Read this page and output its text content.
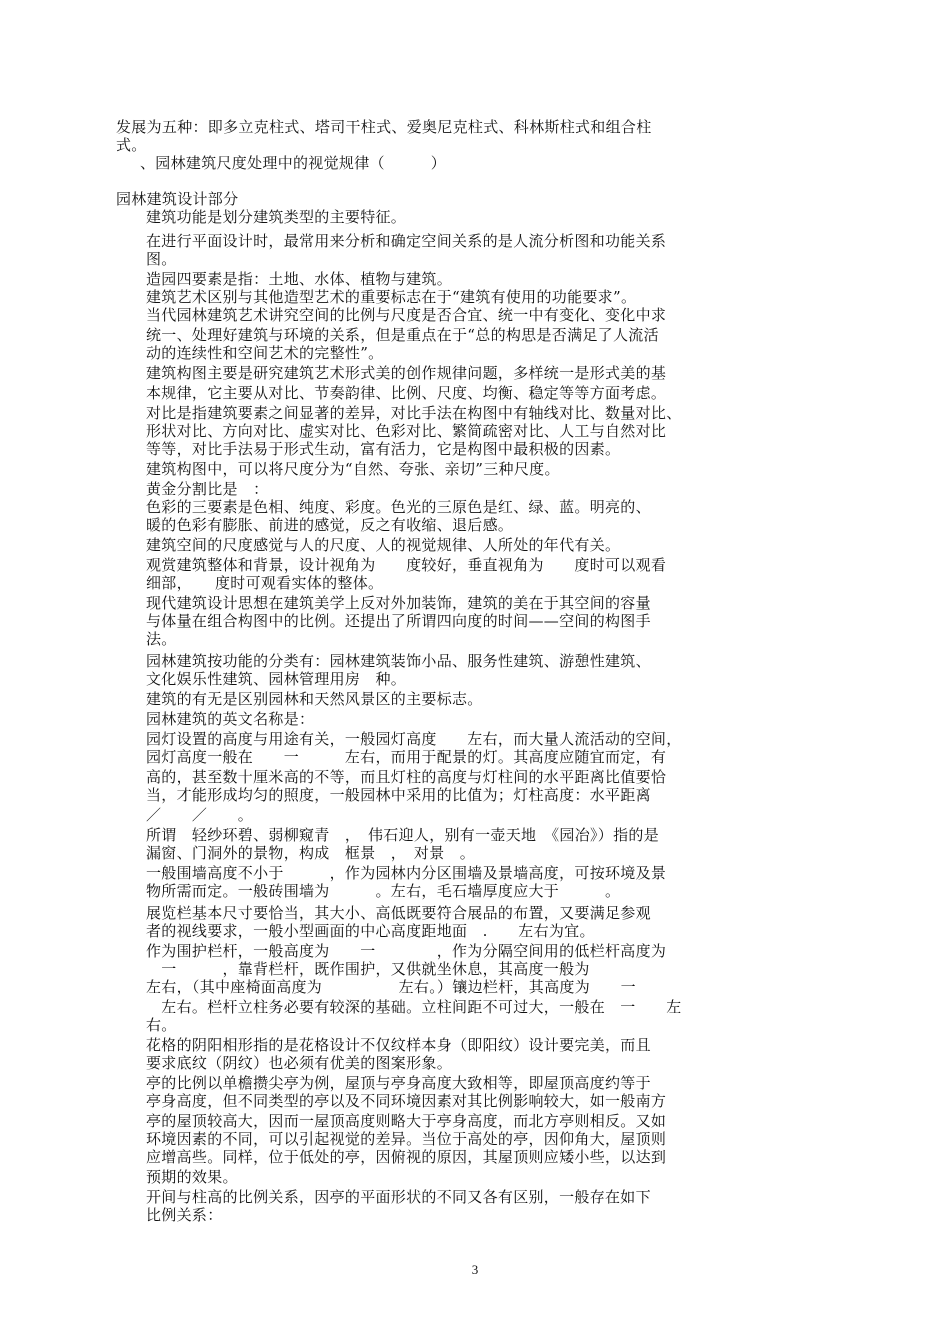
发展为五种：即多立克柱式、塔司干柱式、爱奥尼克柱式、科林斯柱式和组合柱
式。
、园林建筑尺度处理中的视觉规律（　　　）
园林建筑设计部分
建筑功能是划分建筑类型的主要特征。
在进行平面设计时，最常用来分析和确定空间关系的是人流分析图和功能关系
图。
造园四要素是指：土地、水体、植物与建筑。
建筑艺术区别与其他造型艺术的重要标志在于“建筑有使用的功能要求”。
当代园林建筑艺术讲究空间的比例与尺度是否合宜、统一中有变化、变化中求
统一、处理好建筑与环境的关系，但是重点在于“总的构思是否满足了人流活
动的连续性和空间艺术的完整性”。
建筑构图主要是研究建筑艺术形式美的创作规律问题，多样统一是形式美的基
本规律，它主要从对比、节奏韵律、比例、尺度、均衡、稳定等等方面考虑。
对比是指建筑要素之间显著的差异，对比手法在构图中有轴线对比、数量对比、
形状对比、方向对比、虚实对比、色彩对比、繁简疏密对比、人工与自然对比
等等，对比手法易于形式生动，富有活力，它是构图中最积极的因素。
建筑构图中，可以将尺度分为“自然、夸张、亲切”三种尺度。
黄金分割比是　：
色彩的三要素是色相、纯度、彩度。色光的三原色是红、绿、蓝。明亮的、
暖的色彩有膨胀、前进的感觉，反之有收缩、退后感。
建筑空间的尺度感觉与人的尺度、人的视觉规律、人所处的年代有关。
观赏建筑整体和背景，设计视角为　　度较好，垂直视角为　　度时可以观看
细部，　　度时可观看实体的整体。
现代建筑设计思想在建筑美学上反对外加装饰，建筑的美在于其空间的容量
与体量在组合构图中的比例。还提出了所谓四向度的时间——空间的构图手
法。
园林建筑按功能的分类有：园林建筑装饰小品、服务性建筑、游憩性建筑、
文化娱乐性建筑、园林管理用房　种。
建筑的有无是区别园林和天然风景区的主要标志。
园林建筑的英文名称是：
园灯设置的高度与用途有关，一般园灯高度　　左右，而大量人流活动的空间，
园灯高度一般在　　一　　　左右，而用于配景的灯。其高度应随宜而定，有
高的，甚至数十厘米高的不等，而且灯柱的高度与灯柱间的水平距离比值要恰
当，才能形成均匀的照度，一般园林中采用的比值为；灯柱高度：水平距离
／　　／　　。
所谓　轻纱环碧、弱柳窥青　，　伟石迎人，别有一壶天地　《园冶》）指的是
漏窗、门洞外的景物，构成　框景　，　对景　。
一般围墙高度不小于　　　，作为园林内分区围墙及景墙高度，可按环境及景
物所需而定。一般砖围墙为　　　。左右，毛石墙厚度应大于　　　。
展览栏基本尺寸要恰当，其大小、高低既要符合展品的布置，又要满足参观
者的视线要求，一般小型画面的中心高度距地面　.　　左右为宜。
作为围护栏杆，一般高度为　　一　　　　，作为分隔空间用的低栏杆高度为
　一　　　，靠背栏杆，既作围护，又供就坐休息，其高度一般为
左右，（其中座椅面高度为　　　　　左右。）镶边栏杆，其高度为　　一
　左右。栏杆立柱务必要有较深的基础。立柱间距不可过大，一般在　一　　左
右。
花格的阴阳相形指的是花格设计不仅纹样本身（即阳纹）设计要完美，而且
要求底纹（阴纹）也必须有优美的图案形象。
亭的比例以单檐攒尖亭为例，屋顶与亭身高度大致相等，即屋顶高度约等于
亭身高度，但不同类型的亭以及不同环境因素对其比例影响较大，如一般南方
亭的屋顶较高大，因而一屋顶高度则略大于亭身高度，而北方亭则相反。又如
环境因素的不同，可以引起视觉的差异。当位于高处的亭，因仰角大，屋顶则
应增高些。同样，位于低处的亭，因俯视的原因，其屋顶则应矮小些，以达到
预期的效果。
开间与柱高的比例关系，因亭的平面形状的不同又各有区别，一般存在如下
比例关系：
3
